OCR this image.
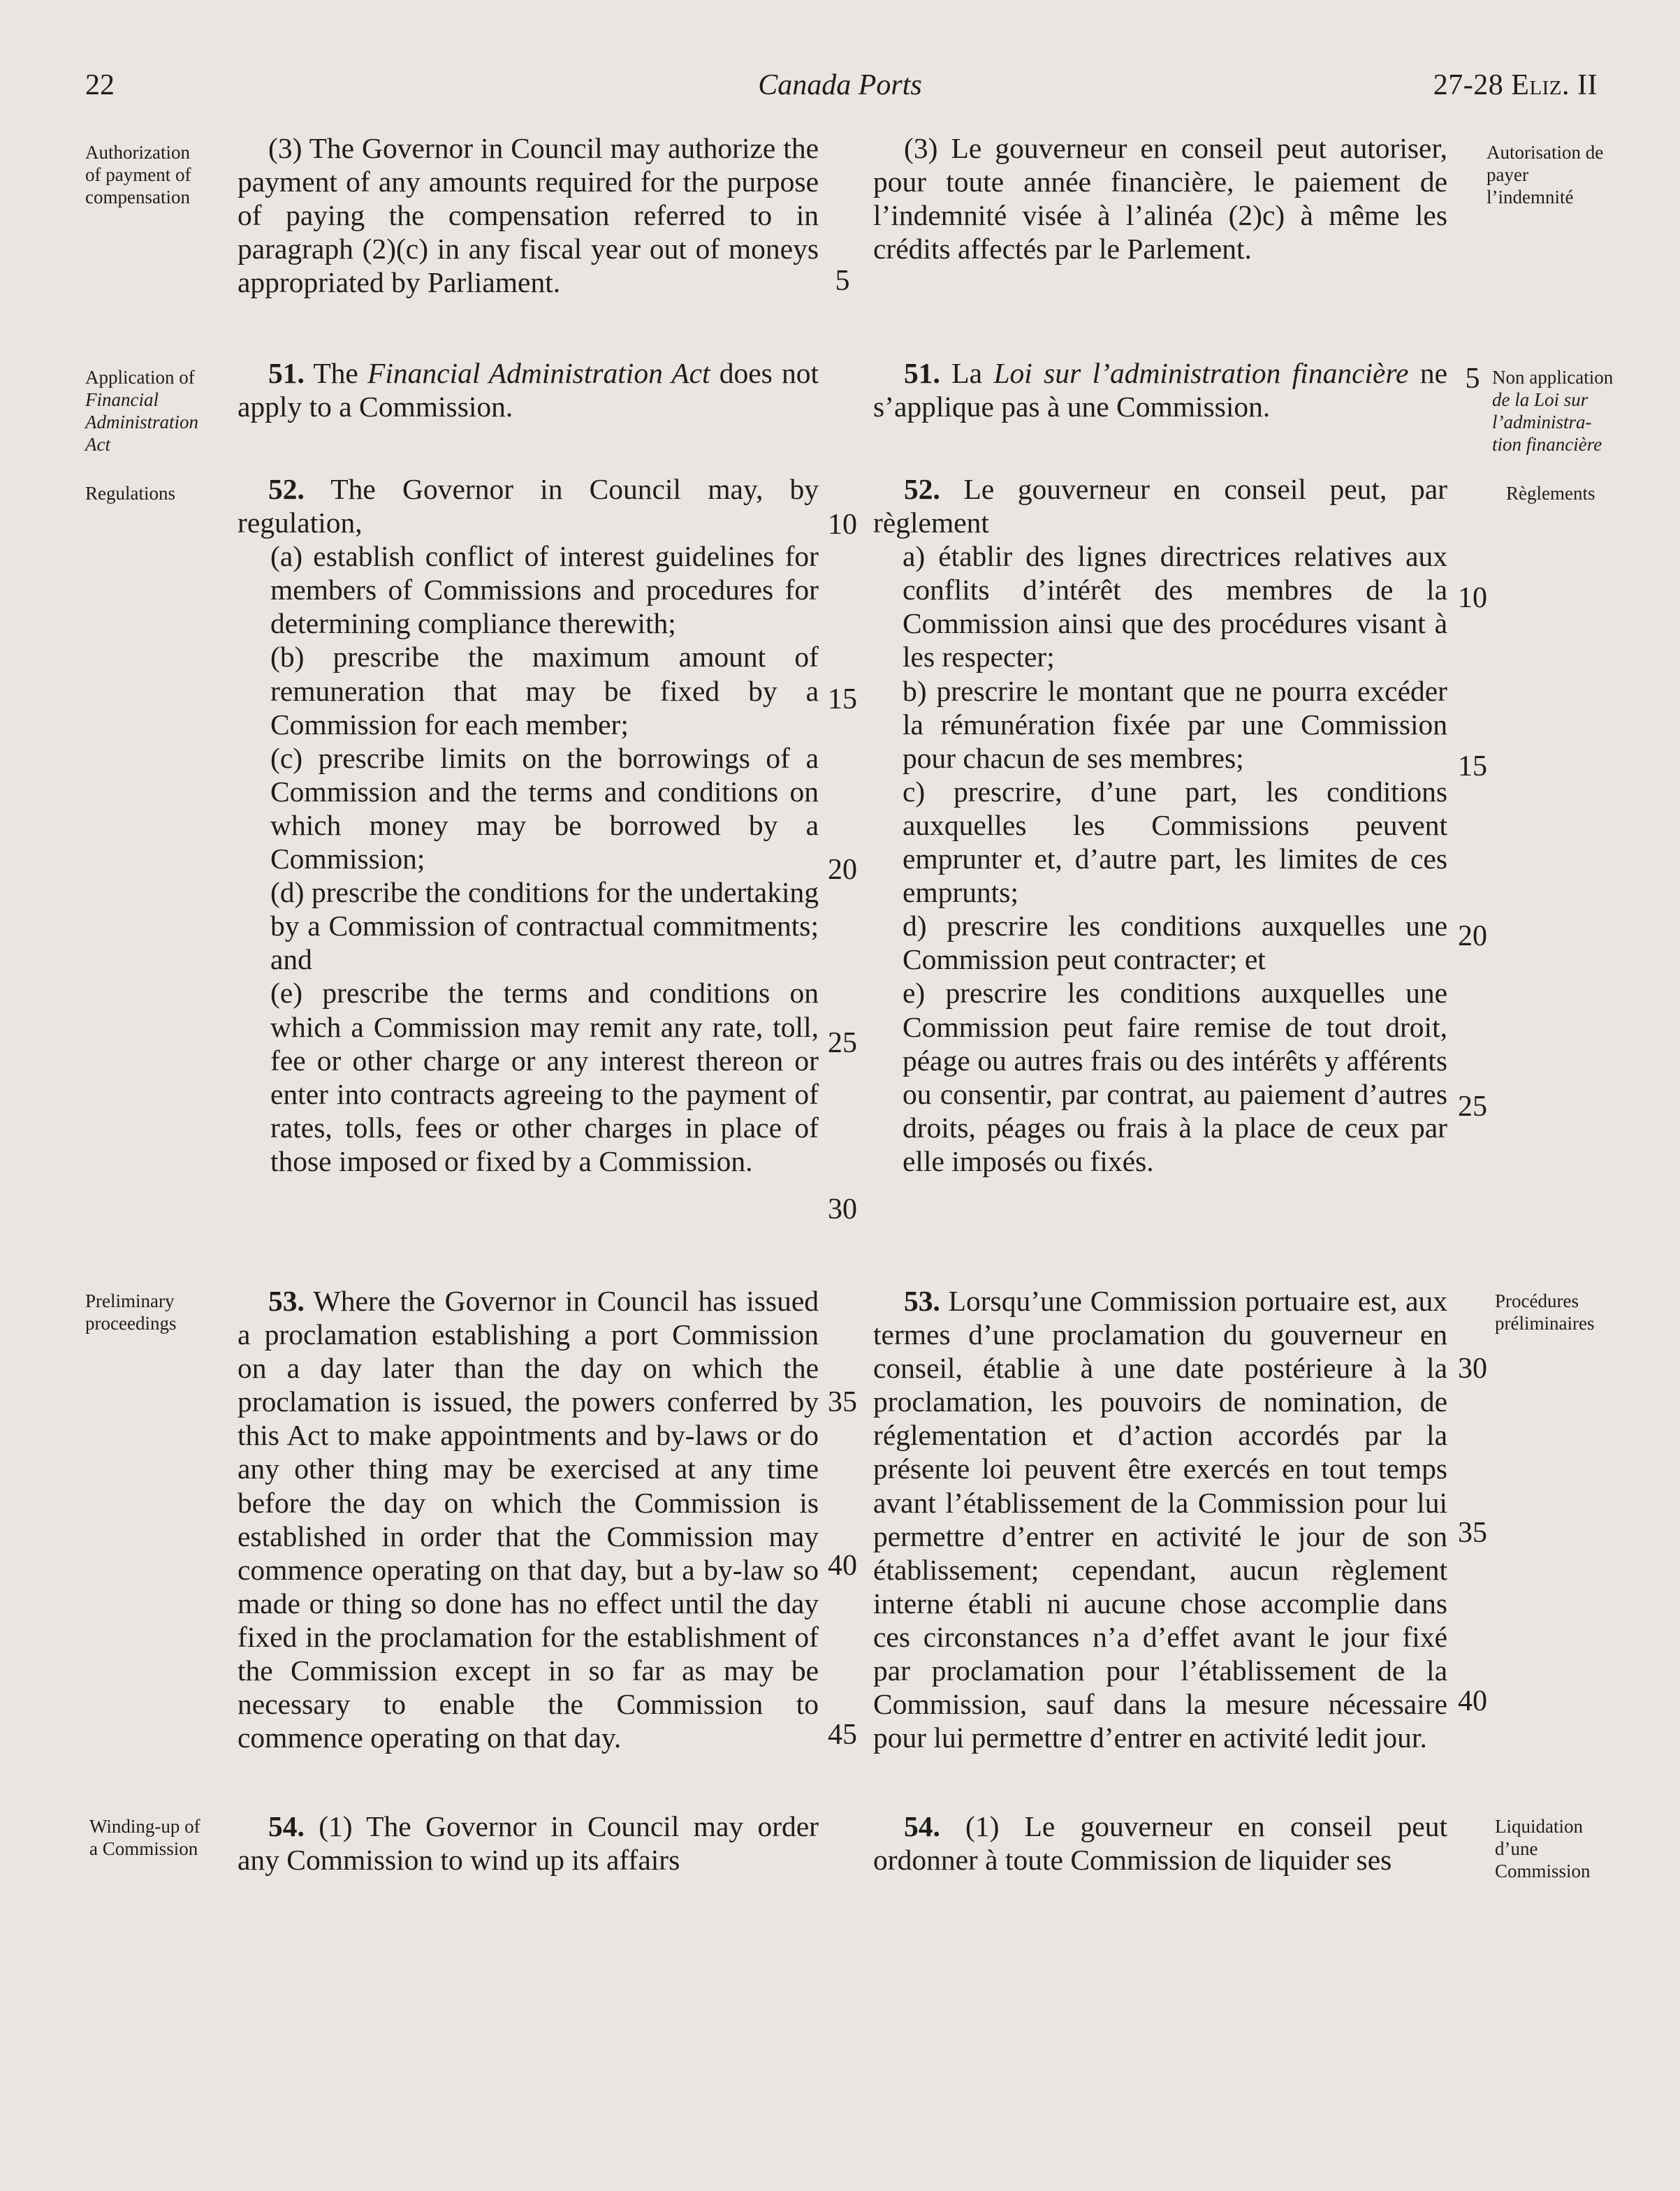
22	Canada Ports	27-28 Eliz. II
Authorization
of payment of
compensation
Application of
Financial
Administration
Act
Regulations
Preliminary
proceedings
Winding-up of
a Commission
Autorisation de
payer
l’indemnité
Non application
de la Loi sur
l’administra-
tion financière
Règlements
Procédures
préliminaires
Liquidation
d’une
Commission

(3) The Governor in Council may authorize the payment of any amounts required for the purpose of paying the compensation referred to in paragraph (2)(c) in any fiscal year out of moneys appropriated by Parliament.

51. The Financial Administration Act does not apply to a Commission.

52. The Governor in Council may, by regulation,

(a) establish conflict of interest guidelines for members of Commissions and procedures for determining compliance therewith;

(b) prescribe the maximum amount of remuneration that may be fixed by a Commission for each member;

(c) prescribe limits on the borrowings of a Commission and the terms and conditions on which money may be borrowed by a Commission;

(d) prescribe the conditions for the undertaking by a Commission of contractual commitments; and

(e) prescribe the terms and conditions on which a Commission may remit any rate, toll, fee or other charge or any interest thereon or enter into contracts agreeing to the payment of rates, tolls, fees or other charges in place of those imposed or fixed by a Commission.

53. Where the Governor in Council has issued a proclamation establishing a port Commission on a day later than the day on which the proclamation is issued, the powers conferred by this Act to make appointments and by-laws or do any other thing may be exercised at any time before the day on which the Commission is established in order that the Commission may commence operating on that day, but a by-law so made or thing so done has no effect until the day fixed in the proclamation for the establishment of the Commission except in so far as may be necessary to enable the Commission to commence operating on that day.

54. (1) The Governor in Council may order any Commission to wind up its affairs

(3) Le gouverneur en conseil peut autoriser, pour toute année financière, le paiement de l’indemnité visée à l’alinéa (2)c) à même les crédits affectés par le Parlement.

51. La Loi sur l’administration financière ne s’applique pas à une Commission.

52. Le gouverneur en conseil peut, par règlement

a) établir des lignes directrices relatives aux conflits d’intérêt des membres de la Commission ainsi que des procédures visant à les respecter;

b) prescrire le montant que ne pourra excéder la rémunération fixée par une Commission pour chacun de ses membres;

c) prescrire, d’une part, les conditions auxquelles les Commissions peuvent emprunter et, d’autre part, les limites de ces emprunts;

d) prescrire les conditions auxquelles une Commission peut contracter; et

e) prescrire les conditions auxquelles une Commission peut faire remise de tout droit, péage ou autres frais ou des intérêts y afférents ou consentir, par contrat, au paiement d’autres droits, péages ou frais à la place de ceux par elle imposés ou fixés.

53. Lorsqu’une Commission portuaire est, aux termes d’une proclamation du gouverneur en conseil, établie à une date postérieure à la proclamation, les pouvoirs de nomination, de réglementation et d’action accordés par la présente loi peuvent être exercés en tout temps avant l’établissement de la Commission pour lui permettre d’entrer en activité le jour de son établissement; cependant, aucun règlement interne établi ni aucune chose accomplie dans ces circonstances n’a d’effet avant le jour fixé par proclamation pour l’établissement de la Commission, sauf dans la mesure nécessaire pour lui permettre d’entrer en activité ledit jour.

54. (1) Le gouverneur en conseil peut ordonner à toute Commission de liquider ses

5
10
15
20
25
30
35
40
45
5
10
15
20
25
30
35
40
